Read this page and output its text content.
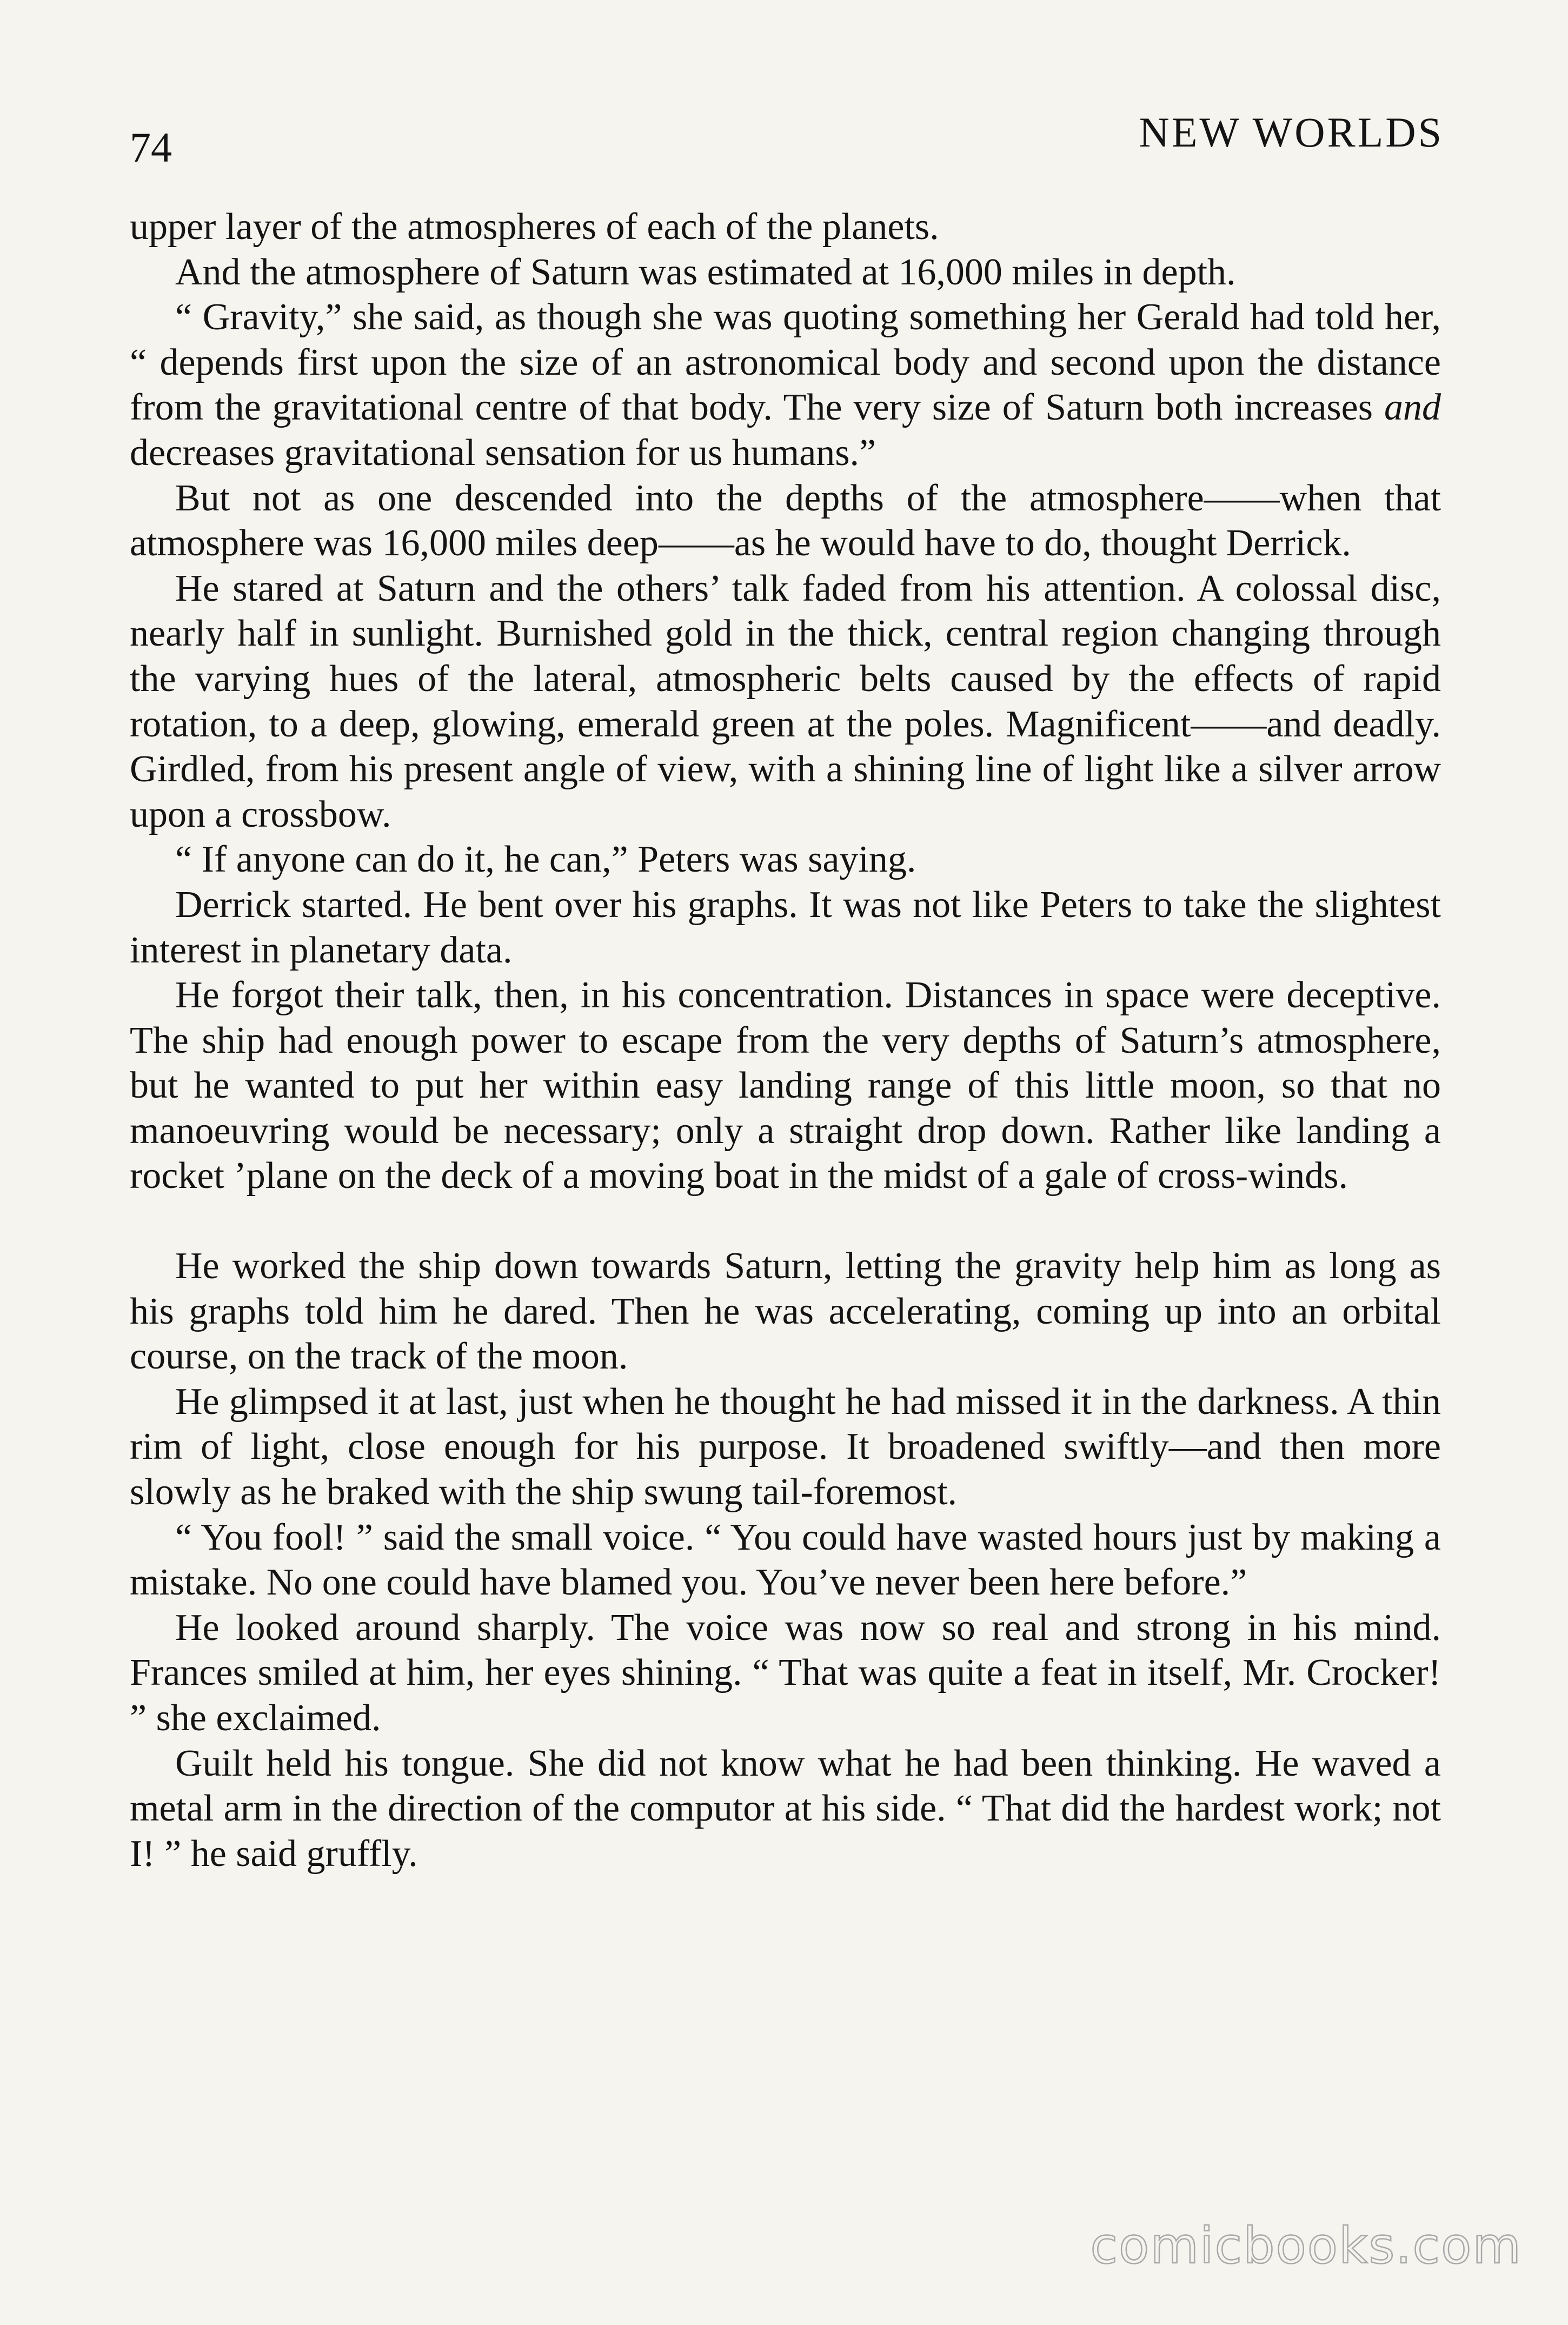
74	NEW WORLDS

upper layer of the atmospheres of each of the planets.

And the atmosphere of Saturn was estimated at 16,000 miles in depth.

“ Gravity,” she said, as though she was quoting something her Gerald had told her, “ depends first upon the size of an astronomical body and second upon the distance from the gravitational centre of that body. The very size of Saturn both increases and decreases gravitational sensation for us humans.”

But not as one descended into the depths of the atmosphere——when that atmosphere was 16,000 miles deep——as he would have to do, thought Derrick.

He stared at Saturn and the others’ talk faded from his attention. A colossal disc, nearly half in sunlight. Burnished gold in the thick, central region changing through the varying hues of the lateral, atmospheric belts caused by the effects of rapid rotation, to a deep, glowing, emerald green at the poles. Magnificent——and deadly. Girdled, from his present angle of view, with a shining line of light like a silver arrow upon a crossbow.

“ If anyone can do it, he can,” Peters was saying.

Derrick started. He bent over his graphs. It was not like Peters to take the slightest interest in planetary data.

He forgot their talk, then, in his concentration. Distances in space were deceptive. The ship had enough power to escape from the very depths of Saturn’s atmosphere, but he wanted to put her within easy landing range of this little moon, so that no manoeuvring would be necessary; only a straight drop down. Rather like landing a rocket ’plane on the deck of a moving boat in the midst of a gale of cross-winds.

He worked the ship down towards Saturn, letting the gravity help him as long as his graphs told him he dared. Then he was accelerating, coming up into an orbital course, on the track of the moon.

He glimpsed it at last, just when he thought he had missed it in the darkness. A thin rim of light, close enough for his purpose. It broadened swiftly—and then more slowly as he braked with the ship swung tail-foremost.

“ You fool! ” said the small voice. “ You could have wasted hours just by making a mistake. No one could have blamed you. You’ve never been here before.”

He looked around sharply. The voice was now so real and strong in his mind. Frances smiled at him, her eyes shining. “ That was quite a feat in itself, Mr. Crocker! ” she exclaimed.

Guilt held his tongue. She did not know what he had been thinking. He waved a metal arm in the direction of the computor at his side. “ That did the hardest work; not I! ” he said gruffly.

comicbooks.com
